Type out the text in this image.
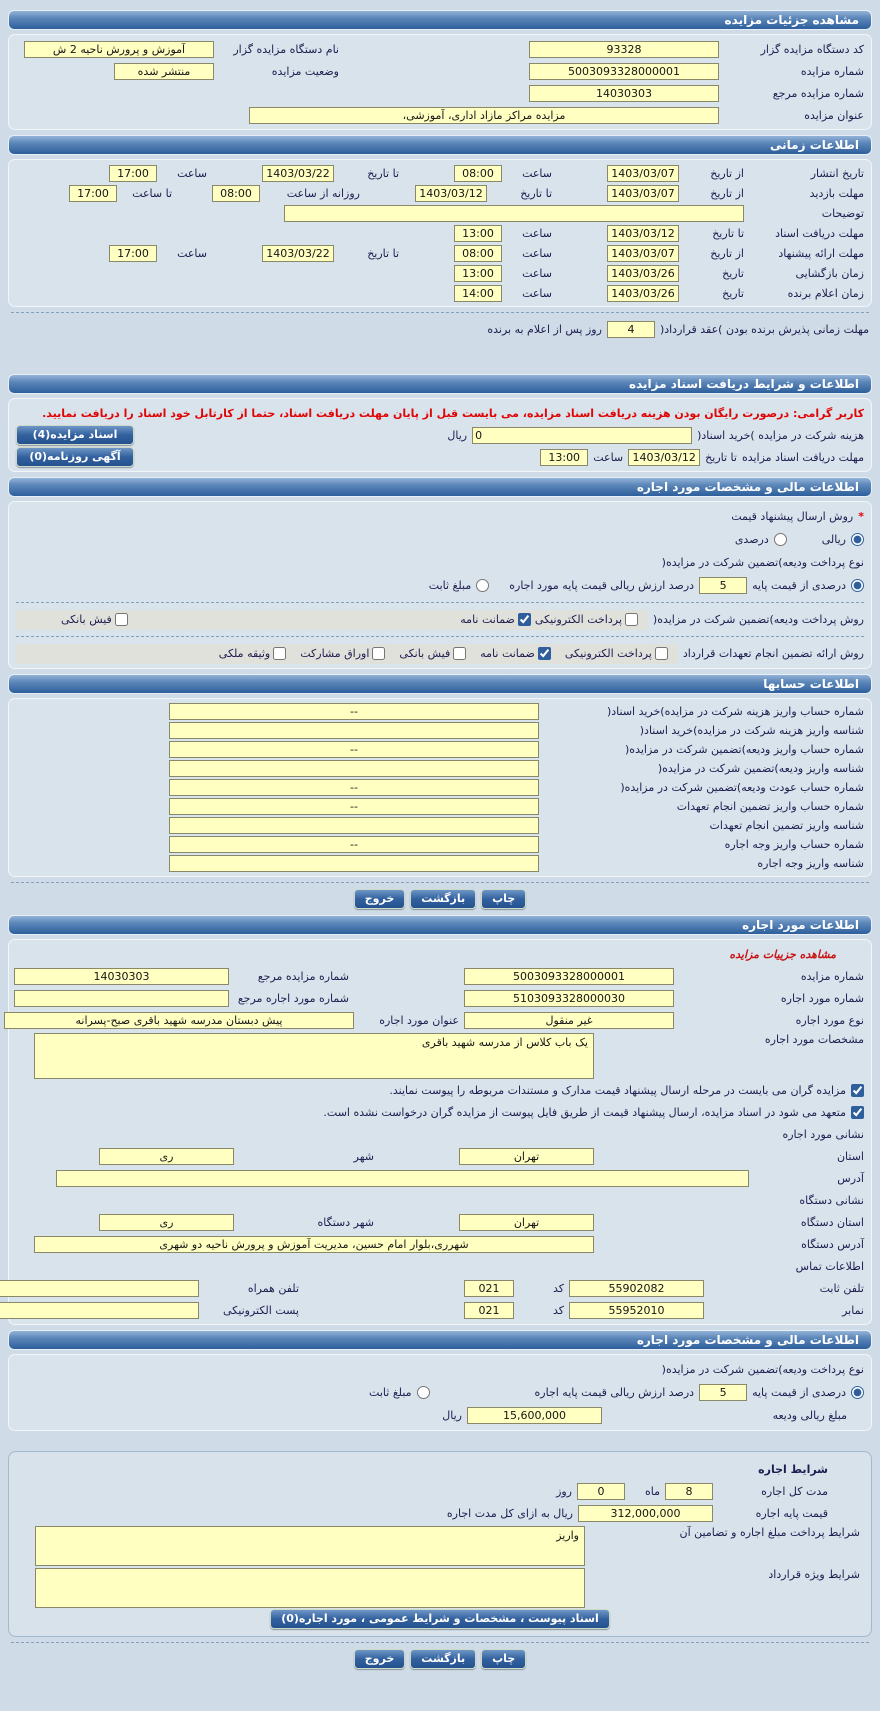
مشاهده جزئیات مزایده
کد دستگاه مزایده گزار
93328
نام دستگاه مزایده گزار
آموزش و پرورش ناحیه 2 ش
شماره مزایده
5003093328000001
وضعیت مزایده
منتشر شده
شماره مزایده مرجع
14030303
عنوان مزایده
مزایده مراکز مازاد اداری، آموزشی،
اطلاعات زمانی
تاریخ انتشار
از تاریخ
1403/03/07
ساعت
08:00
تا تاریخ
1403/03/22
ساعت
17:00
مهلت بازدید
از تاریخ
1403/03/07
تا تاریخ
1403/03/12
روزانه از ساعت
08:00
تا ساعت
17:00
توضیحات
مهلت دریافت اسناد
تا تاریخ
1403/03/12
ساعت
13:00
مهلت ارائه پیشنهاد
از تاریخ
1403/03/07
ساعت
08:00
تا تاریخ
1403/03/22
ساعت
17:00
زمان بازگشایی
تاریخ
1403/03/26
ساعت
13:00
زمان اعلام برنده
تاریخ
1403/03/26
ساعت
14:00
مهلت زمانی پذیرش برنده بودن )عقد قرارداد(
4
روز پس از اعلام به برنده
اطلاعات و شرایط دریافت اسناد مزایده
کاربر گرامی: درصورت رایگان بودن هزینه دریافت اسناد مزایده، می بایست قبل از پایان مهلت دریافت اسناد، حتما از کارتابل خود اسناد را دریافت نمایید.
هزینه شرکت در مزایده )خرید اسناد(
0
ریال
اسناد مزایده(4)
مهلت دریافت اسناد مزایده
تا تاریخ
1403/03/12
ساعت
13:00
آگهی روزنامه(0)
اطلاعات مالی و مشخصات مورد اجاره
*
روش ارسال پیشنهاد قیمت
ریالی
درصدی
نوع پرداخت ودیعه)تضمین شرکت در مزایده(
درصدی از قیمت پایه
5
درصد ارزش ریالی قیمت پایه مورد اجاره
مبلغ ثابت
روش پرداخت ودیعه)تضمین شرکت در مزایده(
پرداخت الکترونیکی
ضمانت نامه
فیش بانکی
روش ارائه تضمین انجام تعهدات قرارداد
پرداخت الکترونیکی
ضمانت نامه
فیش بانکی
اوراق مشارکت
وثیقه ملکی
اطلاعات حسابها
شماره حساب واریز هزینه شرکت در مزایده)خرید اسناد(
--
شناسه واریز هزینه شرکت در مزایده)خرید اسناد(
شماره حساب واریز ودیعه)تضمین شرکت در مزایده(
--
شناسه واریز ودیعه)تضمین شرکت در مزایده(
شماره حساب عودت ودیعه)تضمین شرکت در مزایده(
--
شماره حساب واریز تضمین انجام تعهدات
--
شناسه واریز تضمین انجام تعهدات
شماره حساب واریز وجه اجاره
--
شناسه واریز وجه اجاره
چاپ
بازگشت
خروج
اطلاعات مورد اجاره
مشاهده جزییات مزایده
شماره مزایده
5003093328000001
شماره مزایده مرجع
14030303
شماره مورد اجاره
5103093328000030
شماره مورد اجاره مرجع
نوع مورد اجاره
غیر منقول
عنوان مورد اجاره
پیش دبستان مدرسه شهید باقری صبح-پسرانه
مشخصات مورد اجاره
یک باب کلاس از مدرسه شهید باقری
مزایده گران می بایست در مرحله ارسال پیشنهاد قیمت مدارک و مستندات مربوطه را پیوست نمایند.
متعهد می شود در اسناد مزایده، ارسال پیشنهاد قیمت از طریق فایل پیوست از مزایده گران درخواست نشده است.
نشانی مورد اجاره
استان
تهران
شهر
ری
آدرس
نشانی دستگاه
استان دستگاه
تهران
شهر دستگاه
ری
آدرس دستگاه
شهرری،بلوار امام حسین، مدیریت آموزش و پرورش ناحیه دو شهری
اطلاعات تماس
تلفن ثابت
55902082
کد
021
تلفن همراه
نمابر
55952010
کد
021
پست الکترونیکی
اطلاعات مالی و مشخصات مورد اجاره
نوع پرداخت ودیعه)تضمین شرکت در مزایده(
درصدی از قیمت پایه
5
درصد ارزش ریالی قیمت پایه اجاره
مبلغ ثابت
مبلغ ریالی ودیعه
15,600,000
ریال
شرایط اجاره
مدت کل اجاره
8
ماه
0
روز
قیمت پایه اجاره
312,000,000
ریال به ازای کل مدت اجاره
شرایط پرداخت مبلغ اجاره و تضامین آن
واریز
شرایط ویژه قرارداد
اسناد پیوست ، مشخصات و شرایط عمومی ، مورد اجاره(0)
چاپ
بازگشت
خروج
